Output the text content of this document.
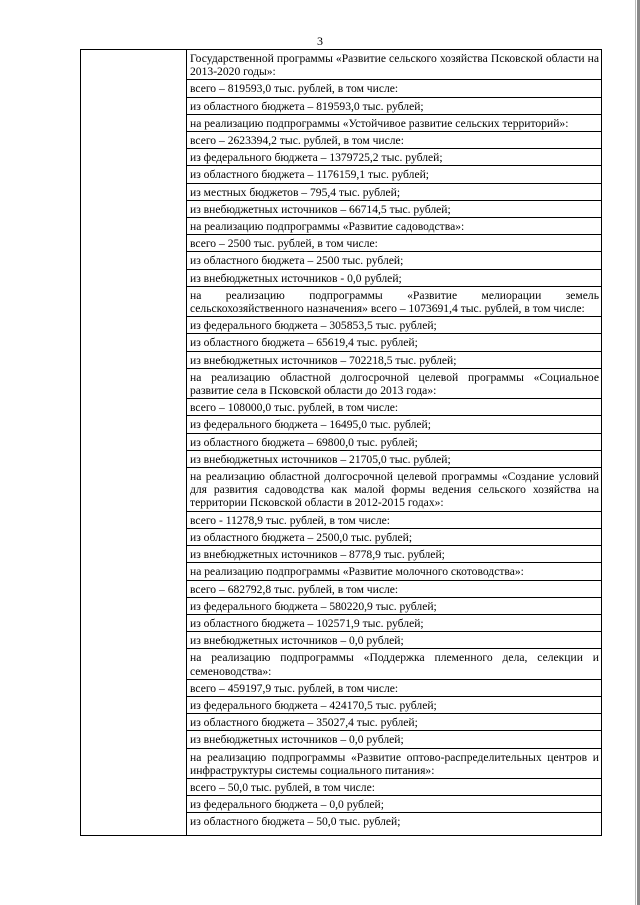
3

Государственной программы «Развитие сельского хозяйства Псковской области на 2013-2020 годы»:
всего – 819593,0 тыс. рублей, в том числе:
из областного бюджета – 819593,0 тыс. рублей;
на реализацию подпрограммы «Устойчивое развитие сельских территорий»:
всего – 2623394,2 тыс. рублей, в том числе:
из федерального бюджета – 1379725,2 тыс. рублей;
из областного бюджета – 1176159,1 тыс. рублей;
из местных бюджетов – 795,4 тыс. рублей;
из внебюджетных источников – 66714,5 тыс. рублей;
на реализацию подпрограммы «Развитие садоводства»:
всего – 2500 тыс. рублей, в том числе:
из областного бюджета – 2500 тыс. рублей;
из внебюджетных источников - 0,0 рублей;
на реализацию подпрограммы «Развитие мелиорации земель сельскохозяйственного назначения» всего – 1073691,4 тыс. рублей, в том числе:
из федерального бюджета – 305853,5 тыс. рублей;
из областного бюджета – 65619,4 тыс. рублей;
из внебюджетных источников – 702218,5 тыс. рублей;
на реализацию областной долгосрочной целевой программы «Социальное развитие села в Псковской области до 2013 года»:
всего – 108000,0 тыс. рублей, в том числе:
из федерального бюджета – 16495,0 тыс. рублей;
из областного бюджета – 69800,0 тыс. рублей;
из внебюджетных источников – 21705,0 тыс. рублей;
на реализацию областной долгосрочной целевой программы «Создание условий для развития садоводства как малой формы ведения сельского хозяйства на территории Псковской области в 2012-2015 годах»:
всего - 11278,9 тыс. рублей, в том числе:
из областного бюджета – 2500,0 тыс. рублей;
из внебюджетных источников – 8778,9 тыс. рублей;
на реализацию подпрограммы «Развитие молочного скотоводства»:
всего – 682792,8 тыс. рублей, в том числе:
из федерального бюджета – 580220,9 тыс. рублей;
из областного бюджета – 102571,9 тыс. рублей;
из внебюджетных источников – 0,0 рублей;
на реализацию подпрограммы «Поддержка племенного дела, селекции и семеноводства»:
всего – 459197,9 тыс. рублей, в том числе:
из федерального бюджета – 424170,5 тыс. рублей;
из областного бюджета – 35027,4 тыс. рублей;
из внебюджетных источников – 0,0 рублей;
на реализацию подпрограммы «Развитие оптово-распределительных центров и инфраструктуры системы социального питания»:
всего – 50,0 тыс. рублей, в том числе:
из федерального бюджета – 0,0 рублей;
из областного бюджета – 50,0 тыс. рублей;
